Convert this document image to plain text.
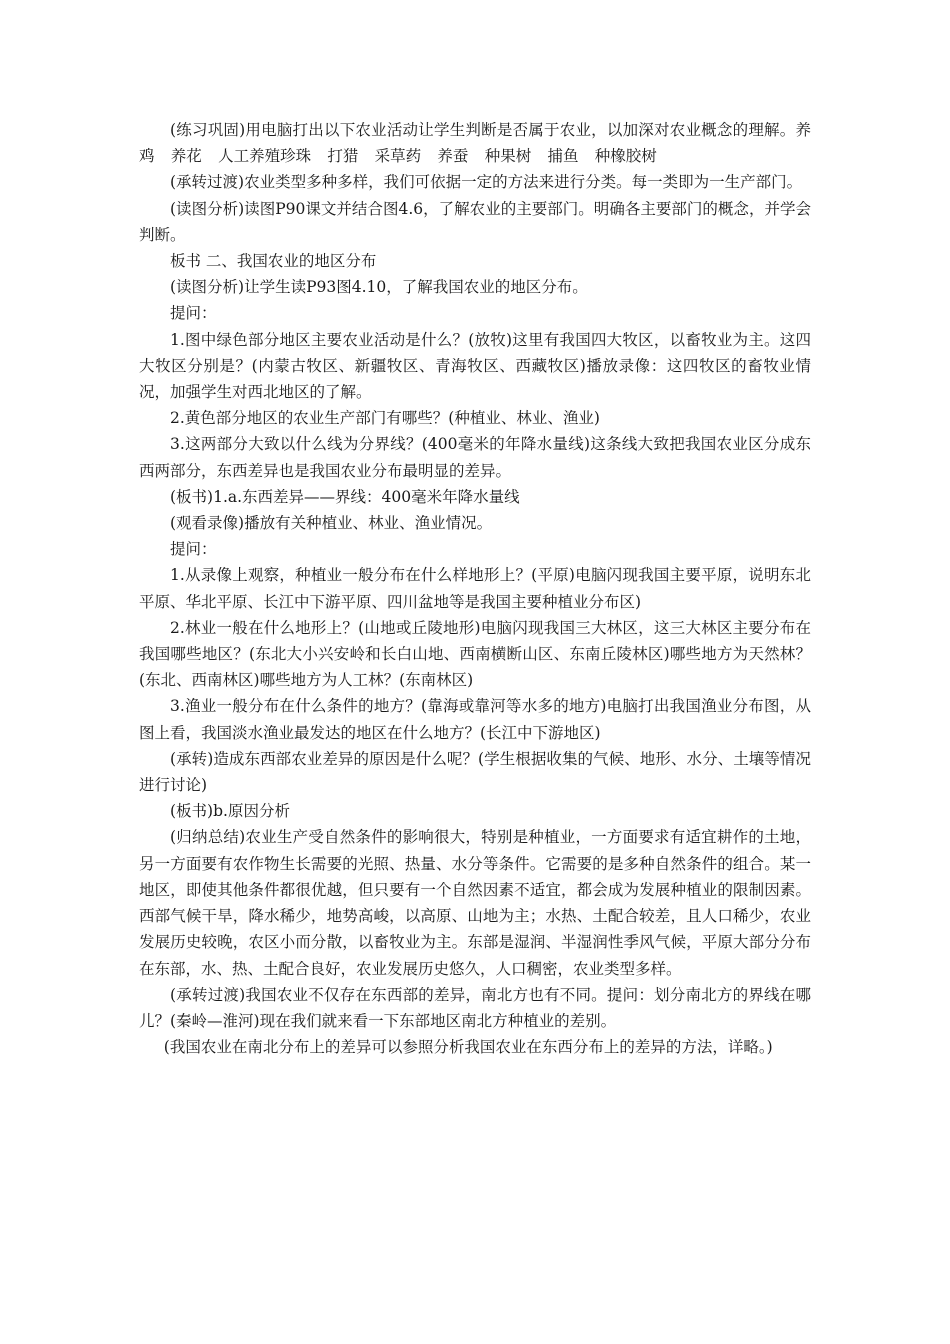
(练习巩固)用电脑打出以下农业活动让学生判断是否属于农业，以加深对农业概念的理解。养鸡 养花 人工养殖珍珠 打猎 采草药 养蚕 种果树 捕鱼 种橡胶树

(承转过渡)农业类型多种多样，我们可依据一定的方法来进行分类。每一类即为一生产部门。

(读图分析)读图P90课文并结合图4.6，了解农业的主要部门。明确各主要部门的概念，并学会判断。

板书 二、我国农业的地区分布

(读图分析)让学生读P93图4.10，了解我国农业的地区分布。

提问：

1.图中绿色部分地区主要农业活动是什么？(放牧)这里有我国四大牧区，以畜牧业为主。这四大牧区分别是？(内蒙古牧区、新疆牧区、青海牧区、西藏牧区)播放录像：这四牧区的畜牧业情况，加强学生对西北地区的了解。

2.黄色部分地区的农业生产部门有哪些？(种植业、林业、渔业)

3.这两部分大致以什么线为分界线？(400毫米的年降水量线)这条线大致把我国农业区分成东西两部分，东西差异也是我国农业分布最明显的差异。

(板书)1.a.东西差异——界线：400毫米年降水量线

(观看录像)播放有关种植业、林业、渔业情况。

提问：

1.从录像上观察，种植业一般分布在什么样地形上？(平原)电脑闪现我国主要平原，说明东北平原、华北平原、长江中下游平原、四川盆地等是我国主要种植业分布区)

2.林业一般在什么地形上？(山地或丘陵地形)电脑闪现我国三大林区，这三大林区主要分布在我国哪些地区？(东北大小兴安岭和长白山地、西南横断山区、东南丘陵林区)哪些地方为天然林？(东北、西南林区)哪些地方为人工林？(东南林区)

3.渔业一般分布在什么条件的地方？(靠海或靠河等水多的地方)电脑打出我国渔业分布图，从图上看，我国淡水渔业最发达的地区在什么地方？(长江中下游地区)

(承转)造成东西部农业差异的原因是什么呢？(学生根据收集的气候、地形、水分、土壤等情况进行讨论)

(板书)b.原因分析

(归纳总结)农业生产受自然条件的影响很大，特别是种植业，一方面要求有适宜耕作的土地，另一方面要有农作物生长需要的光照、热量、水分等条件。它需要的是多种自然条件的组合。某一地区，即使其他条件都很优越，但只要有一个自然因素不适宜，都会成为发展种植业的限制因素。西部气候干旱，降水稀少，地势高峻，以高原、山地为主；水热、土配合较差，且人口稀少，农业发展历史较晚，农区小而分散，以畜牧业为主。东部是湿润、半湿润性季风气候，平原大部分分布在东部，水、热、土配合良好，农业发展历史悠久，人口稠密，农业类型多样。

(承转过渡)我国农业不仅存在东西部的差异，南北方也有不同。提问：划分南北方的界线在哪儿？(秦岭—淮河)现在我们就来看一下东部地区南北方种植业的差别。

(我国农业在南北分布上的差异可以参照分析我国农业在东西分布上的差异的方法，详略。)
